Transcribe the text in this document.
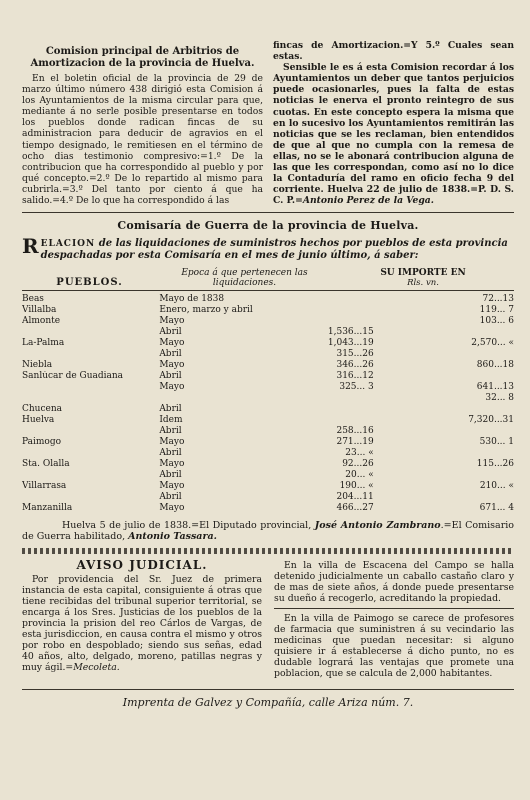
Comision principal de Arbitrios de Amortizacion de la provincia de Huelva.

En el boletin oficial de la provincia de 29 de marzo último número 438 dirigió esta Comision á los Ayuntamientos de la misma circular para que, mediante á no serle posible presentarse en todos los pueblos donde radican fincas de su administracion para deducir de agravios en el tiempo designado, le remitiesen en el término de ocho dias testimonio compresivo:=1.º De la contribucion que ha correspondido al pueblo y por qué concepto.=2.º De lo repartido al mismo para cubrirla.=3.º Del tanto por ciento á que ha salido.=4.º De lo que ha correspondido á las

fincas de Amortizacion.=Y 5.º Cuales sean estas.

Sensible le es á esta Comision recordar á los Ayuntamientos un deber que tantos perjuicios puede ocasionarles, pues la falta de estas noticias le enerva el pronto reintegro de sus cuotas. En este concepto espera la misma que en lo sucesivo los Ayuntamientos remitirán las noticias que se les reclaman, bien entendidos de que al que no cumpla con la remesa de ellas, no se le abonará contribucion alguna de las que les correspondan, como así no lo dice la Contaduría del ramo en oficio fecha 9 del corriente. Huelva 22 de julio de 1838.=P. D. S. C. P.=Antonio Perez de la Vega.

Comisaría de Guerra de la provincia de Huelva.
RELACION de las liquidaciones de suministros hechos por pueblos de esta provincia despachadas por esta Comisaría en el mes de junio último, á saber:
PUEBLOS.
Epoca á que pertenecen las liquidaciones.
SU IMPORTE EN
Rls. vn.
Beas	Mayo de 1838		72...13
Villalba	Enero, marzo y abril		119... 7
Almonte	Mayo		103... 6
	Abril	1,536...15	
La-Palma	Mayo	1,043...19	2,570... «
	Abril	315...26	
Niebla	Mayo	346...26	860...18
Sanlúcar de Guadiana	Abril	316...12	
	Mayo	325... 3	641...13
			32... 8
Chucena	Abril		
Huelva	Idem		7,320...31
	Abril	258...16	
Paimogo	Mayo	271...19	530... 1
	Abril	23... «	
Sta. Olalla	Mayo	92...26	115...26
	Abril	20... «	
Villarrasa	Mayo	190... «	210... «
	Abril	204...11	
Manzanilla	Mayo	466...27	671... 4
Huelva 5 de julio de 1838.=El Diputado provincial, José Antonio Zambrano.=El Comisario de Guerra habilitado, Antonio Tassara.
AVISO JUDICIAL.

Por providencia del Sr. Juez de primera instancia de esta capital, consiguiente á otras que tiene recibidas del tribunal superior territorial, se encarga á los Sres. Justicias de los pueblos de la provincia la prision del reo Cárlos de Vargas, de esta jurisdiccion, en causa contra el mismo y otros por robo en despoblado; siendo sus señas, edad 40 años, alto, delgado, moreno, patillas negras y muy ágil.=Mecoleta.

En la villa de Escacena del Campo se halla detenido judicialmente un caballo castaño claro y de mas de siete años, á donde puede presentarse su dueño á recogerlo, acreditando la propiedad.

En la villa de Paimogo se carece de profesores de farmacia que suministren á su vecindario las medicinas que puedan necesitar: si alguno quisiere ir á establecerse á dicho punto, no es dudable logrará las ventajas que promete una poblacion, que se calcula de 2,000 habitantes.

Imprenta de Galvez y Compañía, calle Ariza núm. 7.
